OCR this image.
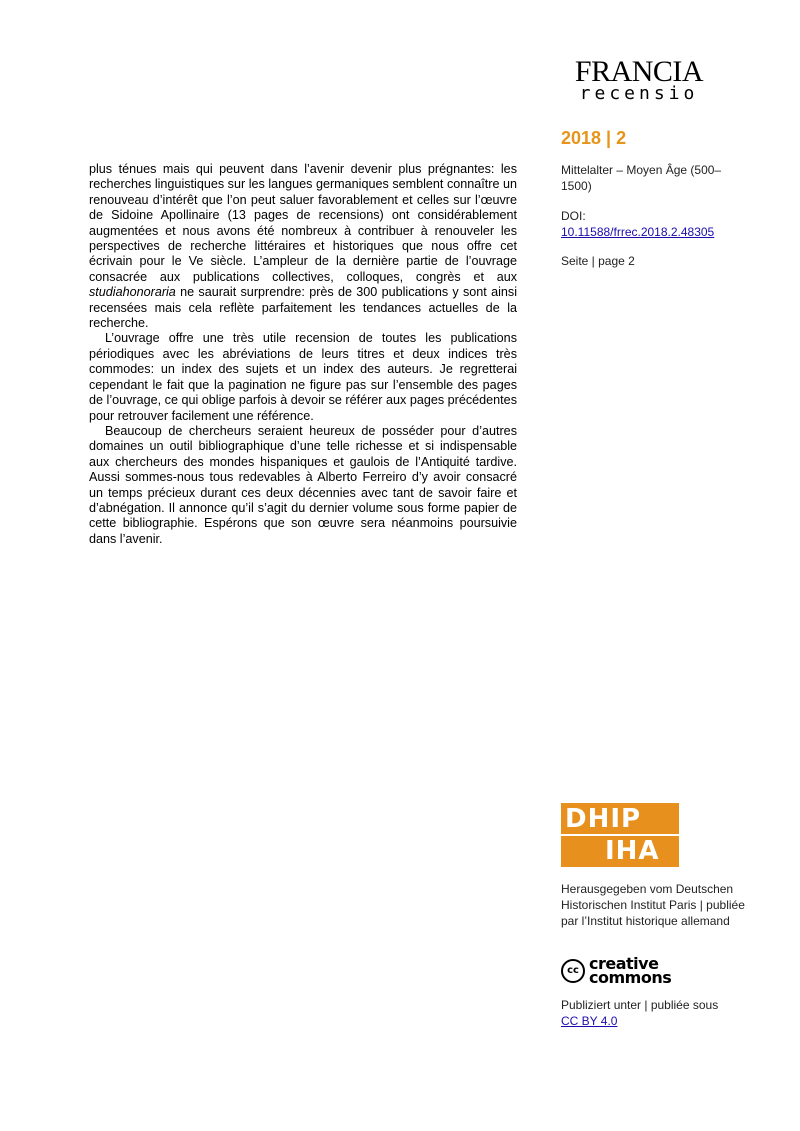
FRANCIA
recensio
2018 | 2
Mittelalter – Moyen Âge (500–1500)
DOI:
10.11588/frrec.2018.2.48305
Seite | page 2

plus ténues mais qui peuvent dans l’avenir devenir plus prégnantes: les recherches linguistiques sur les langues germaniques semblent connaître un renouveau d’intérêt que l’on peut saluer favorablement et celles sur l’œuvre de Sidoine Apollinaire (13 pages de recensions) ont considérablement augmentées et nous avons été nombreux à contribuer à renouveler les perspectives de recherche littéraires et historiques que nous offre cet écrivain pour le Ve siècle. L’ampleur de la dernière partie de l’ouvrage consacrée aux publications collectives, colloques, congrès et aux studiahonoraria ne saurait surprendre: près de 300 publications y sont ainsi recensées mais cela reflète parfaitement les tendances actuelles de la recherche.

L’ouvrage offre une très utile recension de toutes les publications périodiques avec les abréviations de leurs titres et deux indices très commodes: un index des sujets et un index des auteurs. Je regretterai cependant le fait que la pagination ne figure pas sur l’ensemble des pages de l’ouvrage, ce qui oblige parfois à devoir se référer aux pages précédentes pour retrouver facilement une référence.

Beaucoup de chercheurs seraient heureux de posséder pour d’autres domaines un outil bibliographique d’une telle richesse et si indispensable aux chercheurs des mondes hispaniques et gaulois de l’Antiquité tardive. Aussi sommes-nous tous redevables à Alberto Ferreiro d’y avoir consacré un temps précieux durant ces deux décennies avec tant de savoir faire et d’abnégation. Il annonce qu’il s’agit du dernier volume sous forme papier de cette bibliographie. Espérons que son œuvre sera néanmoins poursuivie dans l’avenir.

DHIP
IHA
Herausgegeben vom Deutschen Historischen Institut Paris | publiée par l’Institut historique allemand
cc creative
commons
Publiziert unter | publiée sous
CC BY 4.0
